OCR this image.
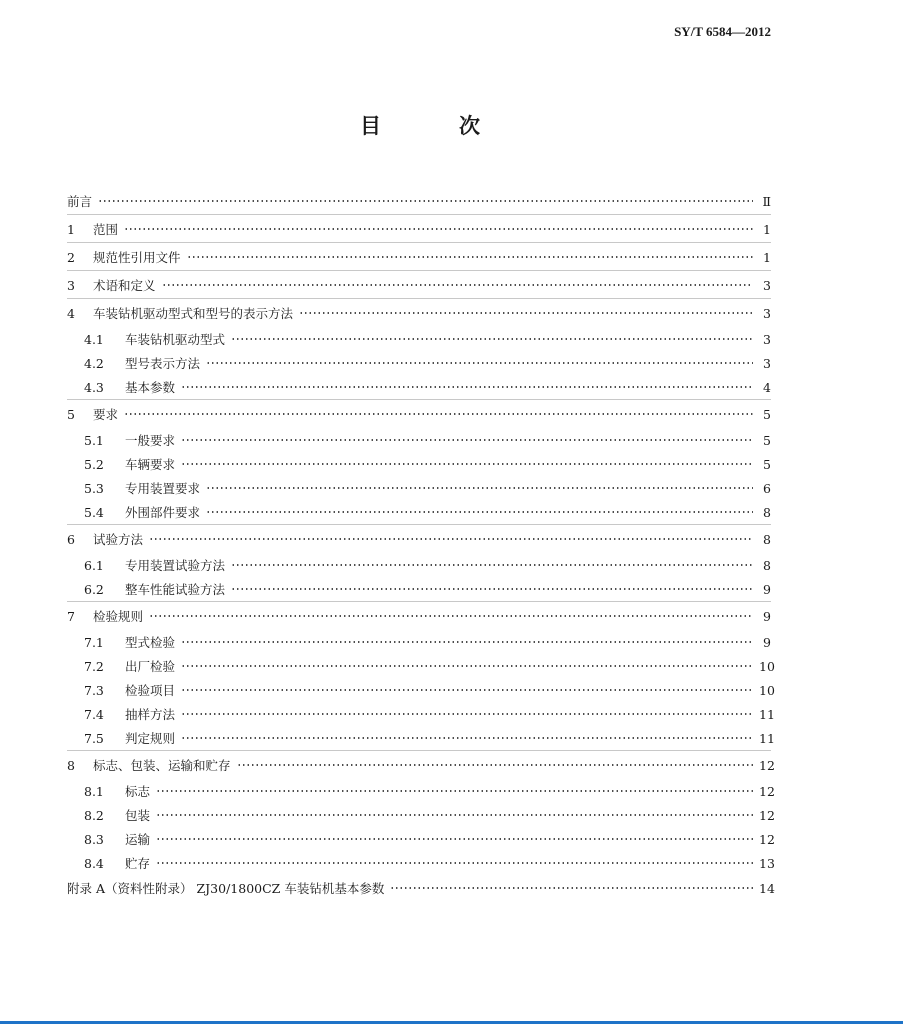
SY/T 6584—2012
目	次
前言	Ⅱ
1	范围	1
2	规范性引用文件	1
3	术语和定义	3
4	车装钻机驱动型式和型号的表示方法	3
4.1	车装钻机驱动型式	3
4.2	型号表示方法	3
4.3	基本参数	4
5	要求	5
5.1	一般要求	5
5.2	车辆要求	5
5.3	专用装置要求	6
5.4	外围部件要求	8
6	试验方法	8
6.1	专用装置试验方法	8
6.2	整车性能试验方法	9
7	检验规则	9
7.1	型式检验	9
7.2	出厂检验	10
7.3	检验项目	10
7.4	抽样方法	11
7.5	判定规则	11
8	标志、包装、运输和贮存	12
8.1	标志	12
8.2	包装	12
8.3	运输	12
8.4	贮存	13
附录 A（资料性附录） ZJ30/1800CZ 车装钻机基本参数	14
